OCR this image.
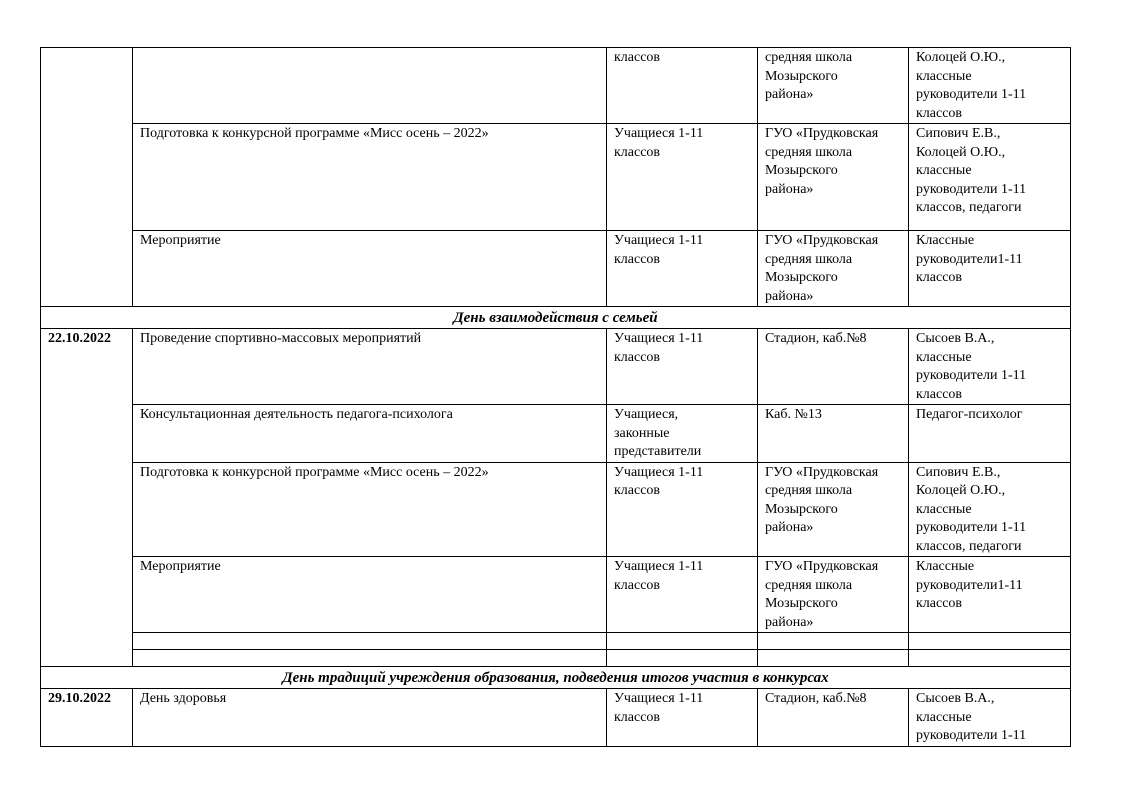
		классов	средняя школа
Мозырского
района»	Колоцей О.Ю.,
классные
руководители 1-11
классов
	Подготовка к конкурсной программе «Мисс осень – 2022»	Учащиеся 1-11
классов	ГУО «Прудковская
средняя школа
Мозырского
района»	Сипович Е.В.,
Колоцей О.Ю.,
классные
руководители 1-11
классов, педагоги
	Мероприятие	Учащиеся 1-11
классов	ГУО «Прудковская
средняя школа
Мозырского
района»	Классные
руководители1-11
классов
День взаимодействия с семьей				
22.10.2022	Проведение спортивно-массовых мероприятий	Учащиеся 1-11
классов	Стадион, каб.№8	Сысоев В.А.,
классные
руководители 1-11
классов
	Консультационная деятельность педагога-психолога	Учащиеся,
законные
представители	Каб. №13	Педагог-психолог
	Подготовка к конкурсной программе «Мисс осень – 2022»	Учащиеся 1-11
классов	ГУО «Прудковская
средняя школа
Мозырского
района»	Сипович Е.В.,
Колоцей О.Ю.,
классные
руководители 1-11
классов, педагоги
	Мероприятие	Учащиеся 1-11
классов	ГУО «Прудковская
средняя школа
Мозырского
района»	Классные
руководители1-11
классов

День традиций учреждения образования, подведения итогов участия в конкурсах				
29.10.2022	День здоровья	Учащиеся 1-11
классов	Стадион, каб.№8	Сысоев В.А.,
классные
руководители 1-11
